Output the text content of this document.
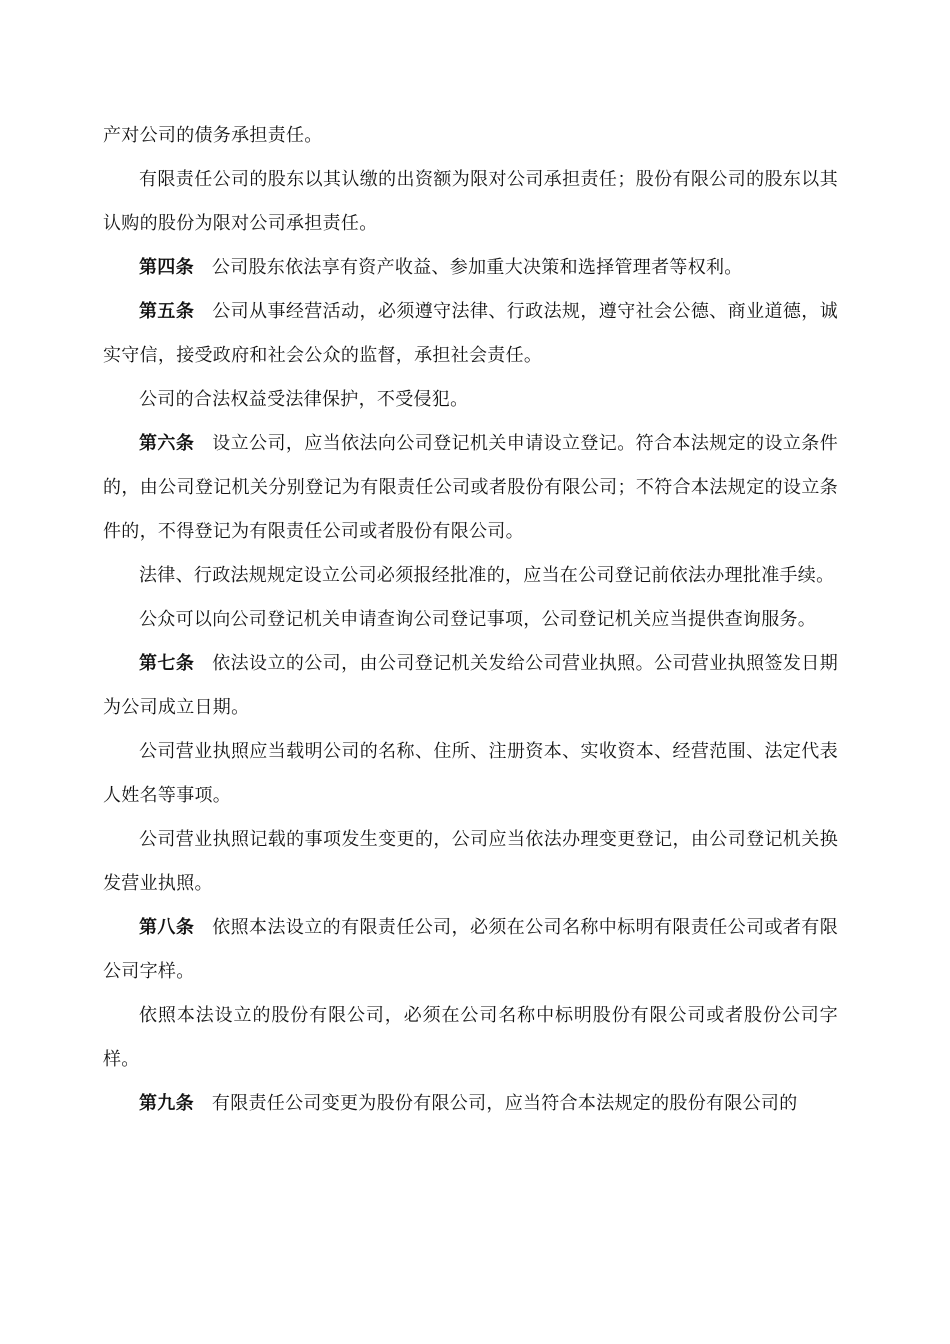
产对公司的债务承担责任。

有限责任公司的股东以其认缴的出资额为限对公司承担责任；股份有限公司的股东以其认购的股份为限对公司承担责任。

第四条 公司股东依法享有资产收益、参加重大决策和选择管理者等权利。

第五条 公司从事经营活动，必须遵守法律、行政法规，遵守社会公德、商业道德，诚实守信，接受政府和社会公众的监督，承担社会责任。

公司的合法权益受法律保护，不受侵犯。

第六条 设立公司，应当依法向公司登记机关申请设立登记。符合本法规定的设立条件的，由公司登记机关分别登记为有限责任公司或者股份有限公司；不符合本法规定的设立条件的，不得登记为有限责任公司或者股份有限公司。

法律、行政法规规定设立公司必须报经批准的，应当在公司登记前依法办理批准手续。

公众可以向公司登记机关申请查询公司登记事项，公司登记机关应当提供查询服务。

第七条 依法设立的公司，由公司登记机关发给公司营业执照。公司营业执照签发日期为公司成立日期。

公司营业执照应当载明公司的名称、住所、注册资本、实收资本、经营范围、法定代表人姓名等事项。

公司营业执照记载的事项发生变更的，公司应当依法办理变更登记，由公司登记机关换发营业执照。

第八条 依照本法设立的有限责任公司，必须在公司名称中标明有限责任公司或者有限公司字样。

依照本法设立的股份有限公司，必须在公司名称中标明股份有限公司或者股份公司字样。

第九条 有限责任公司变更为股份有限公司，应当符合本法规定的股份有限公司的
